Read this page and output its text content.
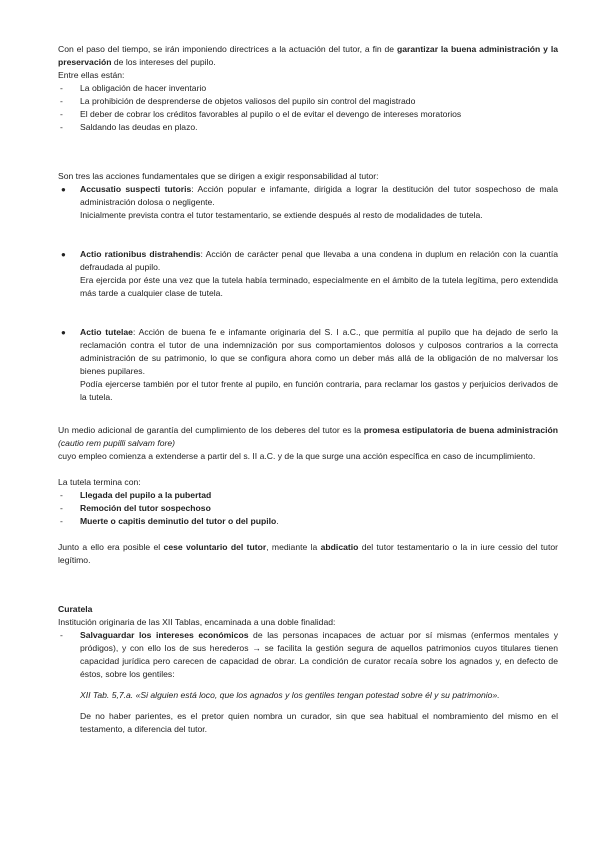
Con el paso del tiempo, se irán imponiendo directrices a la actuación del tutor, a fin de garantizar la buena administración y la preservación de los intereses del pupilo.

Entre ellas están:

- La obligación de hacer inventario
- La prohibición de desprenderse de objetos valiosos del pupilo sin control del magistrado
- El deber de cobrar los créditos favorables al pupilo o el de evitar el devengo de intereses moratorios
- Saldando las deudas en plazo.

Son tres las acciones fundamentales que se dirigen a exigir responsabilidad al tutor:

● Accusatio suspecti tutoris: Acción popular e infamante, dirigida a lograr la destitución del tutor sospechoso de mala administración dolosa o negligente.

Inicialmente prevista contra el tutor testamentario, se extiende después al resto de modalidades de tutela.

● Actio rationibus distrahendis: Acción de carácter penal que llevaba a una condena in duplum en relación con la cuantía defraudada al pupilo.

Era ejercida por éste una vez que la tutela había terminado, especialmente en el ámbito de la tutela legítima, pero extendida más tarde a cualquier clase de tutela.

● Actio tutelae: Acción de buena fe e infamante originaria del S. I a.C., que permitía al pupilo que ha dejado de serlo la reclamación contra el tutor de una indemnización por sus comportamientos dolosos y culposos contrarios a la correcta administración de su patrimonio, lo que se configura ahora como un deber más allá de la obligación de no malversar los bienes pupilares.

Podía ejercerse también por el tutor frente al pupilo, en función contraria, para reclamar los gastos y perjuicios derivados de la tutela.

Un medio adicional de garantía del cumplimiento de los deberes del tutor es la promesa estipulatoria de buena administración (cautio rem pupilli salvam fore)

cuyo empleo comienza a extenderse a partir del s. II a.C. y de la que surge una acción específica en caso de incumplimiento.

La tutela termina con:

- Llegada del pupilo a la pubertad
- Remoción del tutor sospechoso
- Muerte o capitis deminutio del tutor o del pupilo.

Junto a ello era posible el cese voluntario del tutor, mediante la abdicatio del tutor testamentario o la in iure cessio del tutor legítimo.

Curatela

Institución originaria de las XII Tablas, encaminada a una doble finalidad:

- Salvaguardar los intereses económicos de las personas incapaces de actuar por sí mismas (enfermos mentales y pródigos), y con ello los de sus herederos → se facilita la gestión segura de aquellos patrimonios cuyos titulares tienen capacidad jurídica pero carecen de capacidad de obrar. La condición de curator recaía sobre los agnados y, en defecto de éstos, sobre los gentiles:

XII Tab. 5,7.a. «Si alguien está loco, que los agnados y los gentiles tengan potestad sobre él y su patrimonio».

De no haber parientes, es el pretor quien nombra un curador, sin que sea habitual el nombramiento del mismo en el testamento, a diferencia del tutor.
